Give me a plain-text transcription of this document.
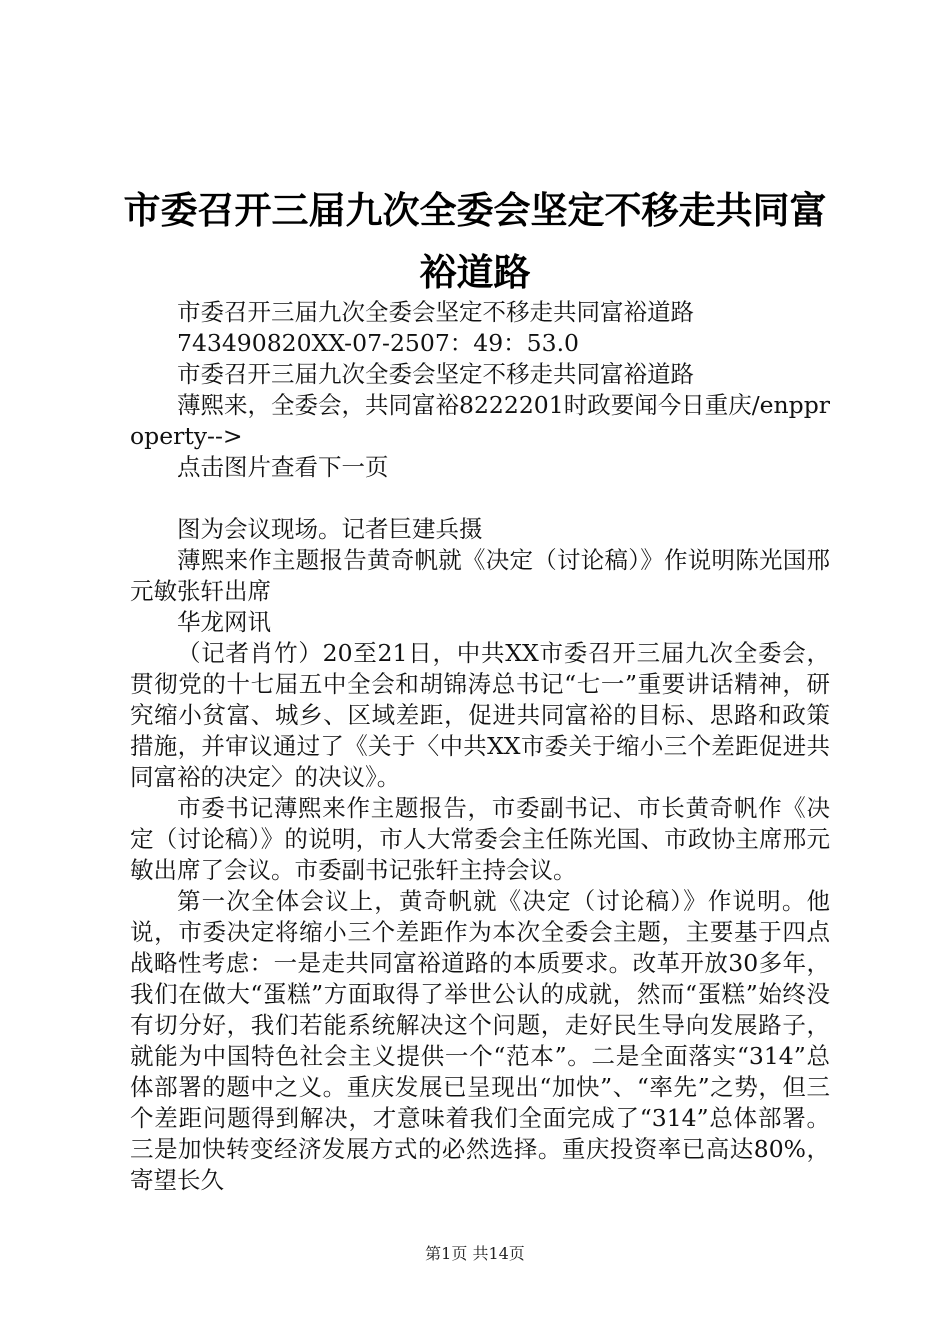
市委召开三届九次全委会坚定不移走共同富裕道路

市委召开三届九次全委会坚定不移走共同富裕道路

743490820XX-07-2507：49：53.0

市委召开三届九次全委会坚定不移走共同富裕道路

薄熙来，全委会，共同富裕8222201时政要闻今日重庆/enpproperty-->

点击图片查看下一页

图为会议现场。记者巨建兵摄

薄熙来作主题报告黄奇帆就《决定（讨论稿）》作说明陈光国邢元敏张轩出席

华龙网讯

（记者肖竹）20至21日，中共XX市委召开三届九次全委会，贯彻党的十七届五中全会和胡锦涛总书记“七一”重要讲话精神，研究缩小贫富、城乡、区域差距，促进共同富裕的目标、思路和政策措施，并审议通过了《关于〈中共XX市委关于缩小三个差距促进共同富裕的决定〉的决议》。

市委书记薄熙来作主题报告，市委副书记、市长黄奇帆作《决定（讨论稿）》的说明，市人大常委会主任陈光国、市政协主席邢元敏出席了会议。市委副书记张轩主持会议。

第一次全体会议上，黄奇帆就《决定（讨论稿）》作说明。他说，市委决定将缩小三个差距作为本次全委会主题，主要基于四点战略性考虑：一是走共同富裕道路的本质要求。改革开放30多年，我们在做大“蛋糕”方面取得了举世公认的成就，然而“蛋糕”始终没有切分好，我们若能系统解决这个问题，走好民生导向发展路子，就能为中国特色社会主义提供一个“范本”。二是全面落实“314”总体部署的题中之义。重庆发展已呈现出“加快”、“率先”之势，但三个差距问题得到解决，才意味着我们全面完成了“314”总体部署。三是加快转变经济发展方式的必然选择。重庆投资率已高达80%，寄望长久

第1页 共14页
